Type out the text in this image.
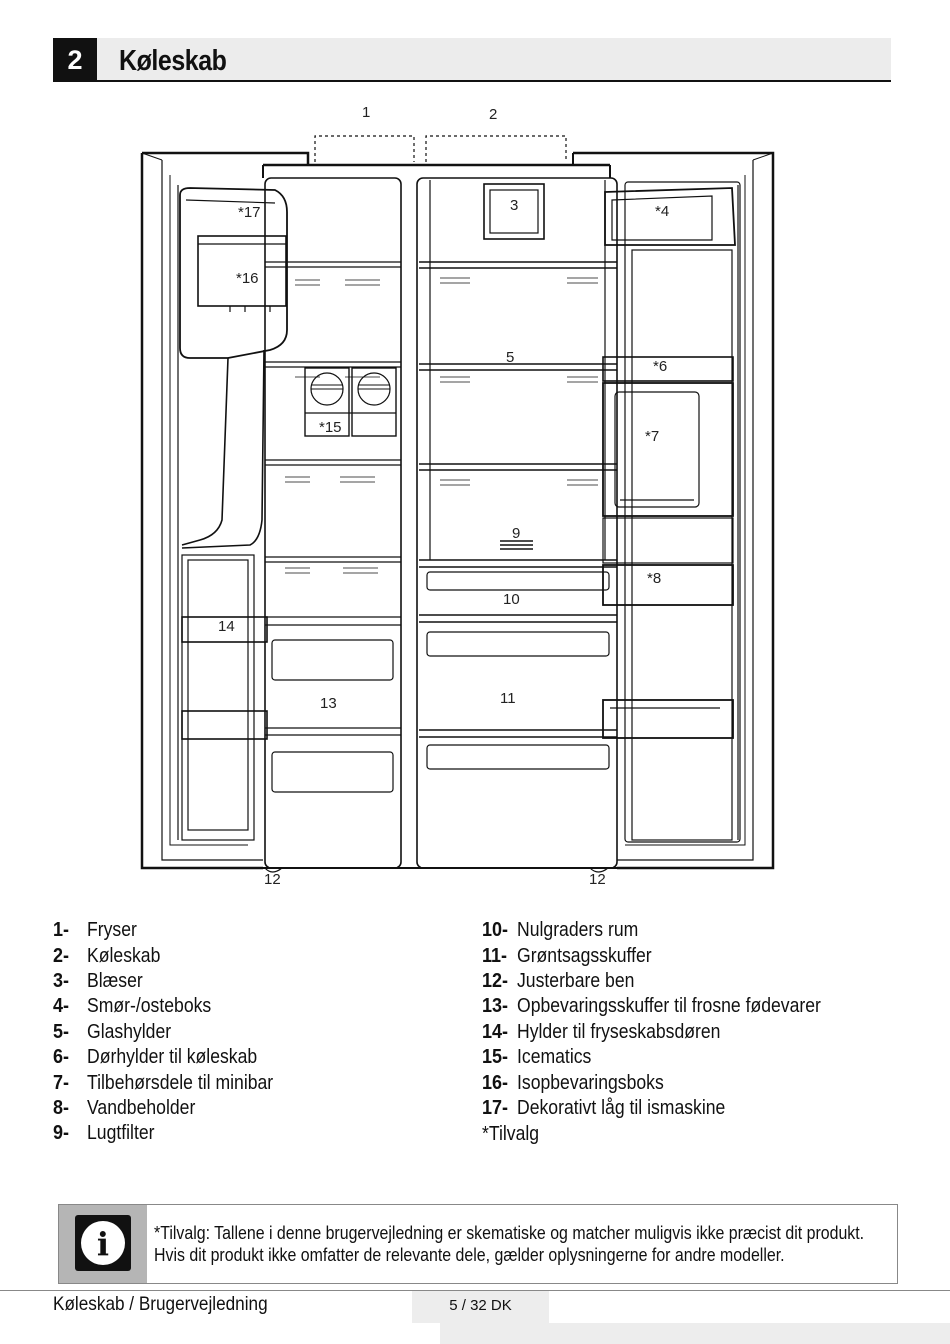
2	Køleskab
1	2
3	*4
5
*6
*7
*8
9
10
11
12	12
13
14
*15
*16
*17
1- Fryser
2- Køleskab
3- Blæser
4- Smør-/osteboks
5- Glashylder
6- Dørhylder til køleskab
7- Tilbehørsdele til minibar
8- Vandbeholder
9- Lugtfilter
10- Nulgraders rum
11- Grøntsagsskuffer
12- Justerbare ben
13- Opbevaringsskuffer til frosne fødevarer
14- Hylder til fryseskabsdøren
15- Icematics
16- Isopbevaringsboks
17- Dekorativt låg til ismaskine
*Tilvalg
i	*Tilvalg: Tallene i denne brugervejledning er skematiske og matcher muligvis ikke præcist dit produkt.
Hvis dit produkt ikke omfatter de relevante dele, gælder oplysningerne for andre modeller.
Køleskab / Brugervejledning	5 / 32 DK
